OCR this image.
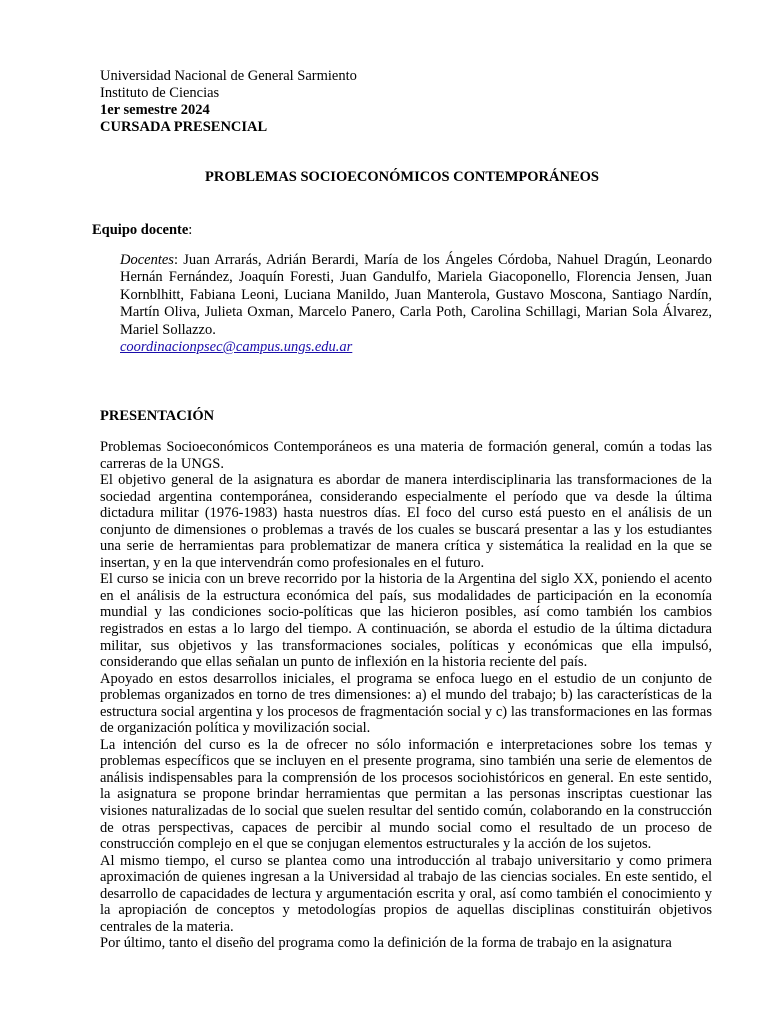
Universidad Nacional de General Sarmiento
Instituto de Ciencias
1er semestre 2024
CURSADA PRESENCIAL
PROBLEMAS SOCIOECONÓMICOS CONTEMPORÁNEOS
Equipo docente:
Docentes: Juan Arrarás, Adrián Berardi, María de los Ángeles Córdoba, Nahuel Dragún, Leonardo Hernán Fernández, Joaquín Foresti, Juan Gandulfo, Mariela Giacoponello, Florencia Jensen, Juan Kornblhitt, Fabiana Leoni, Luciana Manildo, Juan Manterola, Gustavo Moscona, Santiago Nardín, Martín Oliva, Julieta Oxman, Marcelo Panero, Carla Poth, Carolina Schillagi, Marian Sola Álvarez, Mariel Sollazzo.
coordinacionpsec@campus.ungs.edu.ar
PRESENTACIÓN

Problemas Socioeconómicos Contemporáneos es una materia de formación general, común a todas las carreras de la UNGS.

El objetivo general de la asignatura es abordar de manera interdisciplinaria las transformaciones de la sociedad argentina contemporánea, considerando especialmente el período que va desde la última dictadura militar (1976-1983) hasta nuestros días. El foco del curso está puesto en el análisis de un conjunto de dimensiones o problemas a través de los cuales se buscará presentar a las y los estudiantes una serie de herramientas para problematizar de manera crítica y sistemática la realidad en la que se insertan, y en la que intervendrán como profesionales en el futuro.

El curso se inicia con un breve recorrido por la historia de la Argentina del siglo XX, poniendo el acento en el análisis de la estructura económica del país, sus modalidades de participación en la economía mundial y las condiciones socio-políticas que las hicieron posibles, así como también los cambios registrados en estas a lo largo del tiempo. A continuación, se aborda el estudio de la última dictadura militar, sus objetivos y las transformaciones sociales, políticas y económicas que ella impulsó, considerando que ellas señalan un punto de inflexión en la historia reciente del país.

Apoyado en estos desarrollos iniciales, el programa se enfoca luego en el estudio de un conjunto de problemas organizados en torno de tres dimensiones: a) el mundo del trabajo; b) las características de la estructura social argentina y los procesos de fragmentación social y c) las transformaciones en las formas de organización política y movilización social.

La intención del curso es la de ofrecer no sólo información e interpretaciones sobre los temas y problemas específicos que se incluyen en el presente programa, sino también una serie de elementos de análisis indispensables para la comprensión de los procesos sociohistóricos en general. En este sentido, la asignatura se propone brindar herramientas que permitan a las personas inscriptas cuestionar las visiones naturalizadas de lo social que suelen resultar del sentido común, colaborando en la construcción de otras perspectivas, capaces de percibir al mundo social como el resultado de un proceso de construcción complejo en el que se conjugan elementos estructurales y la acción de los sujetos.

Al mismo tiempo, el curso se plantea como una introducción al trabajo universitario y como primera aproximación de quienes ingresan a la Universidad al trabajo de las ciencias sociales. En este sentido, el desarrollo de capacidades de lectura y argumentación escrita y oral, así como también el conocimiento y la apropiación de conceptos y metodologías propios de aquellas disciplinas constituirán objetivos centrales de la materia.

Por último, tanto el diseño del programa como la definición de la forma de trabajo en la asignatura
